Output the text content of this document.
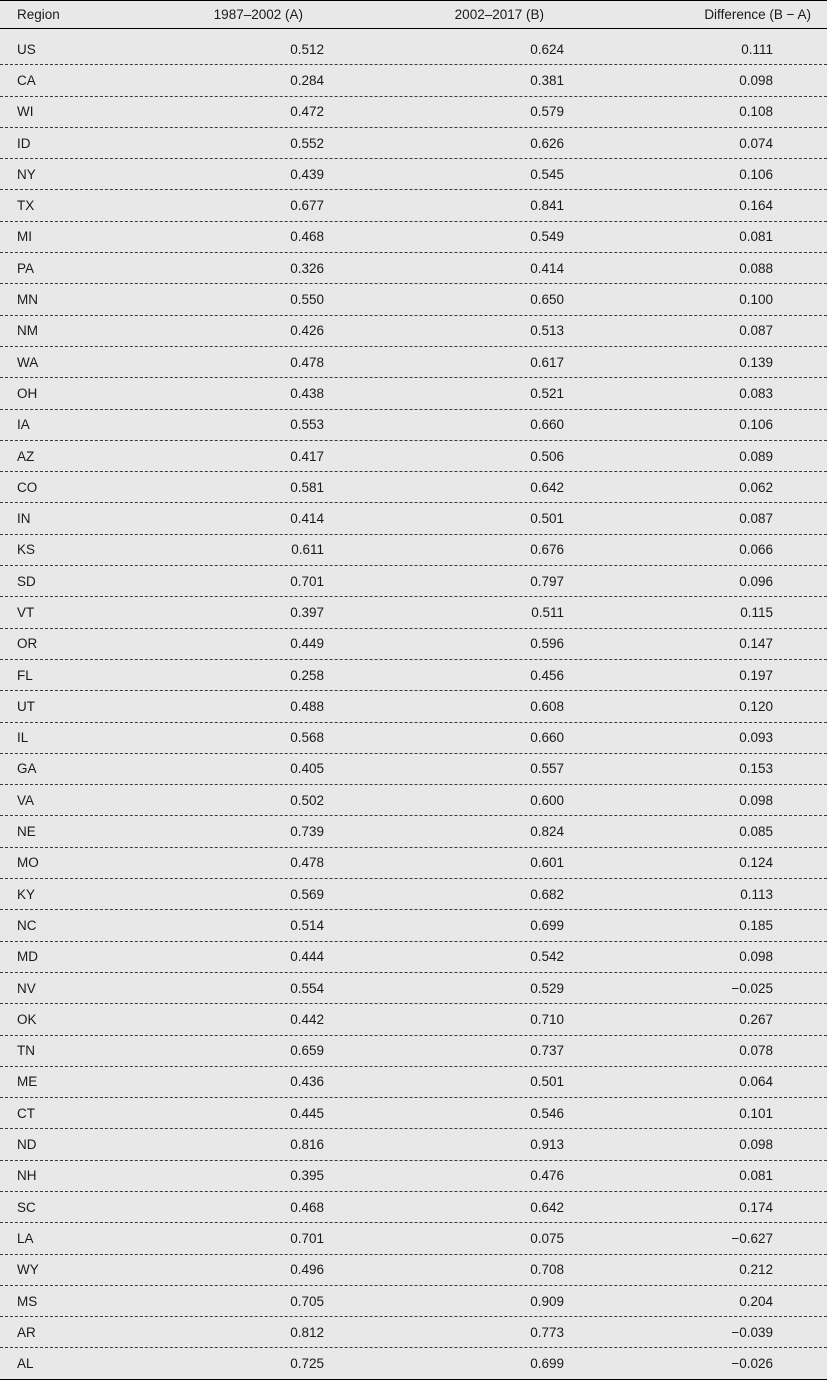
Region	1987–2002 (A)	2002–2017 (B)	Difference (B − A)
US	0.512	0.624	0.111
CA	0.284	0.381	0.098
WI	0.472	0.579	0.108
ID	0.552	0.626	0.074
NY	0.439	0.545	0.106
TX	0.677	0.841	0.164
MI	0.468	0.549	0.081
PA	0.326	0.414	0.088
MN	0.550	0.650	0.100
NM	0.426	0.513	0.087
WA	0.478	0.617	0.139
OH	0.438	0.521	0.083
IA	0.553	0.660	0.106
AZ	0.417	0.506	0.089
CO	0.581	0.642	0.062
IN	0.414	0.501	0.087
KS	0.611	0.676	0.066
SD	0.701	0.797	0.096
VT	0.397	0.511	0.115
OR	0.449	0.596	0.147
FL	0.258	0.456	0.197
UT	0.488	0.608	0.120
IL	0.568	0.660	0.093
GA	0.405	0.557	0.153
VA	0.502	0.600	0.098
NE	0.739	0.824	0.085
MO	0.478	0.601	0.124
KY	0.569	0.682	0.113
NC	0.514	0.699	0.185
MD	0.444	0.542	0.098
NV	0.554	0.529	−0.025
OK	0.442	0.710	0.267
TN	0.659	0.737	0.078
ME	0.436	0.501	0.064
CT	0.445	0.546	0.101
ND	0.816	0.913	0.098
NH	0.395	0.476	0.081
SC	0.468	0.642	0.174
LA	0.701	0.075	−0.627
WY	0.496	0.708	0.212
MS	0.705	0.909	0.204
AR	0.812	0.773	−0.039
AL	0.725	0.699	−0.026
